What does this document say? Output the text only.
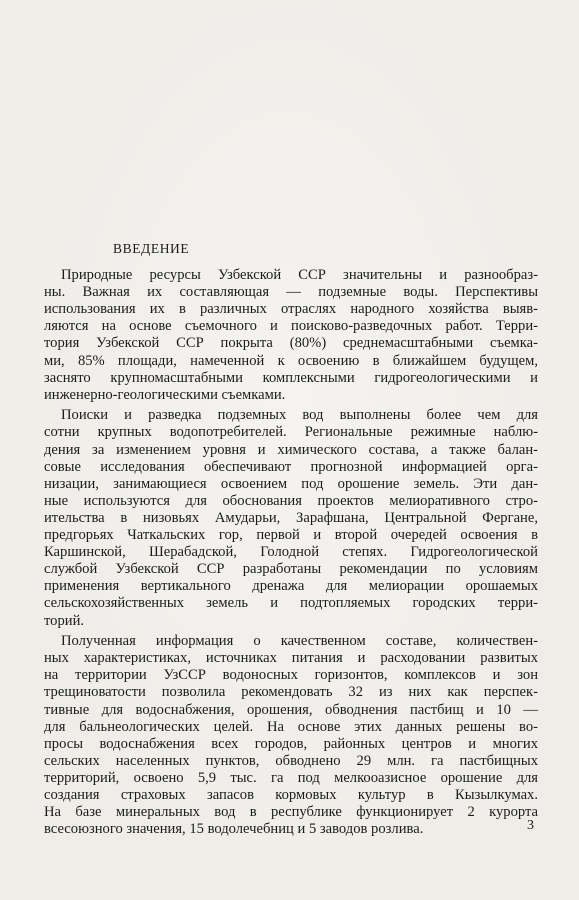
ВВЕДЕНИЕ
Природные ресурсы Узбекской ССР значительны и разнообраз-
ны. Важная их составляющая — подземные воды. Перспективы
использования их в различных отраслях народного хозяйства выяв-
ляются на основе съемочного и поисково-разведочных работ. Терри-
тория Узбекской ССР покрыта (80%) среднемасштабными съемка-
ми, 85% площади, намеченной к освоению в ближайшем будущем,
заснято крупномасштабными комплексными гидрогеологическими и
инженерно-геологическими съемками.
Поиски и разведка подземных вод выполнены более чем для
сотни крупных водопотребителей. Региональные режимные наблю-
дения за изменением уровня и химического состава, а также балан-
совые исследования обеспечивают прогнозной информацией орга-
низации, занимающиеся освоением под орошение земель. Эти дан-
ные используются для обоснования проектов мелиоративного стро-
ительства в низовьях Амударьи, Зарафшана, Центральной Фергане,
предгорьях Чаткальских гор, первой и второй очередей освоения в
Каршинской, Шерабадской, Голодной степях. Гидрогеологической
службой Узбекской ССР разработаны рекомендации по условиям
применения вертикального дренажа для мелиорации орошаемых
сельскохозяйственных земель и подтопляемых городских терри-
торий.
Полученная информация о качественном составе, количествен-
ных характеристиках, источниках питания и расходовании развитых
на территории УзССР водоносных горизонтов, комплексов и зон
трещиноватости позволила рекомендовать 32 из них как перспек-
тивные для водоснабжения, орошения, обводнения пастбищ и 10 —
для бальнеологических целей. На основе этих данных решены во-
просы водоснабжения всех городов, районных центров и многих
сельских населенных пунктов, обводнено 29 млн. га пастбищных
территорий, освоено 5,9 тыс. га под мелкооазисное орошение для
создания страховых запасов кормовых культур в Кызылкумах.
На базе минеральных вод в республике функционирует 2 курорта
всесоюзного значения, 15 водолечебниц и 5 заводов розлива.	3
